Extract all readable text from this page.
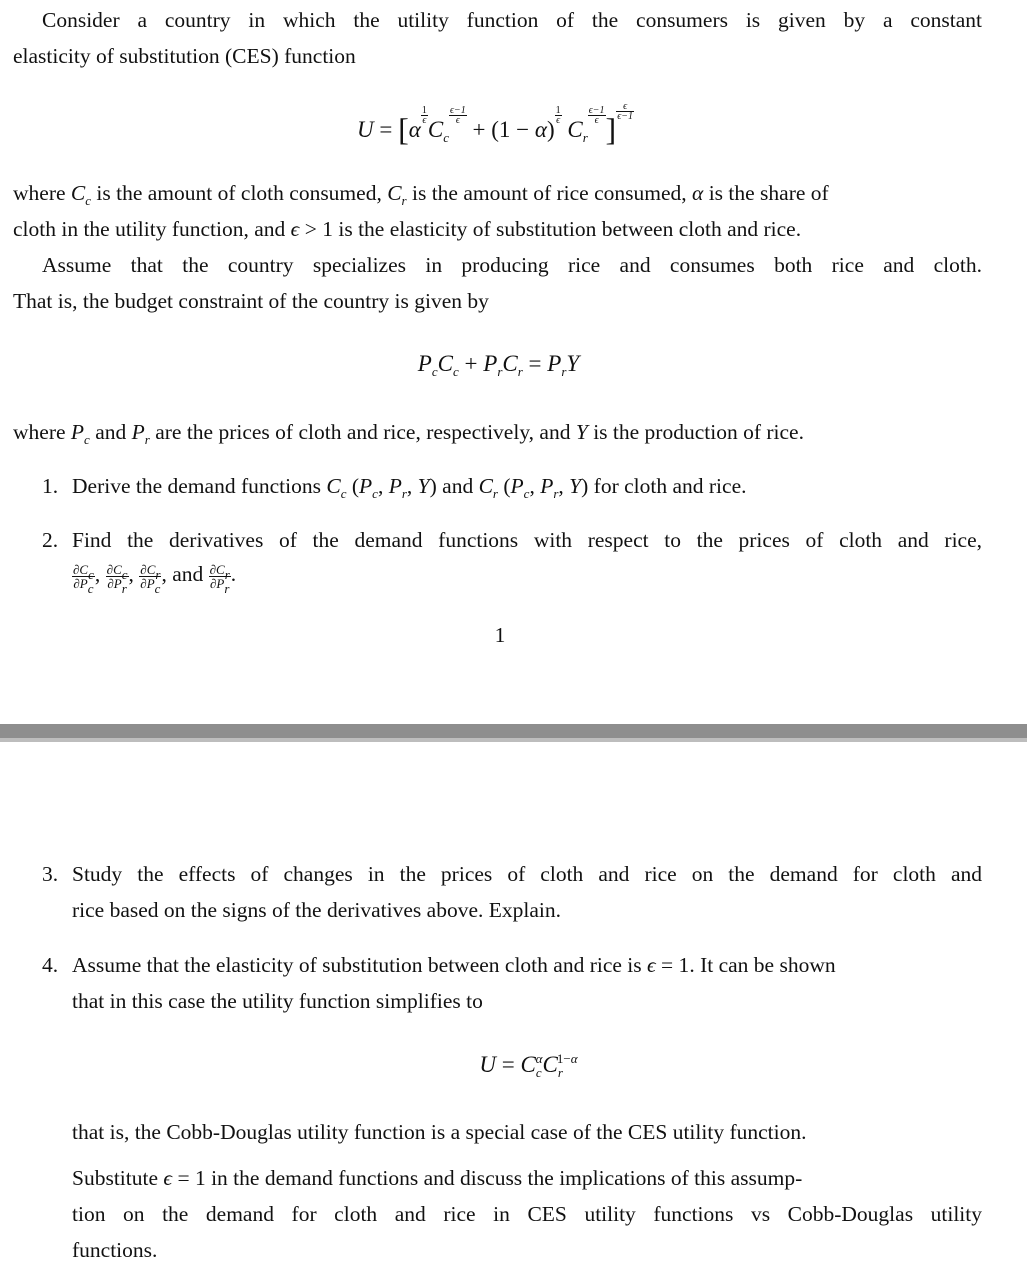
Consider a country in which the utility function of the consumers is given by a constant
elasticity of substitution (CES) function
U = [α
$\frac{1}{\epsilon}$
$C_c$
$\frac{\epsilon-1}{\epsilon}$
+ (1 − α)
$\frac{1}{\epsilon}$
$C_r$
$\frac{\epsilon-1}{\epsilon}$ ] $\frac{\epsilon}{\epsilon-1}$
where $C_c$ is the amount of cloth consumed, $C_r$ is the amount of rice consumed, α is the share of
cloth in the utility function, and ϵ > 1 is the elasticity of substitution between cloth and rice.
Assume that the country specializes in producing rice and consumes both rice and cloth.
That is, the budget constraint of the country is given by
$P_cC_c + P_rC_r = P_rY$
where $P_c$ and $P_r$ are the prices of cloth and rice, respectively, and Y is the production of rice.
1. Derive the demand functions $C_c$ ($P_c$, $P_r$, Y) and $C_r$ ($P_c$, $P_r$, Y) for cloth and rice.
2. Find the derivatives of the demand functions with respect to the prices of cloth and rice,
$\frac{\partial C_c}{\partial P_c}$ , $\frac{\partial C_c}{\partial P_r}$ , $\frac{\partial C_r}{\partial P_c}$ , and $\frac{\partial C_r}{\partial P_r}$ .
1
3. Study the effects of changes in the prices of cloth and rice on the demand for cloth and
rice based on the signs of the derivatives above. Explain.
4. Assume that the elasticity of substitution between cloth and rice is ϵ = 1. It can be shown
that in this case the utility function simplifies to
$U = C_c^\alpha C_r^{1-\alpha}$
that is, the Cobb-Douglas utility function is a special case of the CES utility function.
Substitute ϵ = 1 in the demand functions and discuss the implications of this assump-
tion on the demand for cloth and rice in CES utility functions vs Cobb-Douglas utility
functions.
